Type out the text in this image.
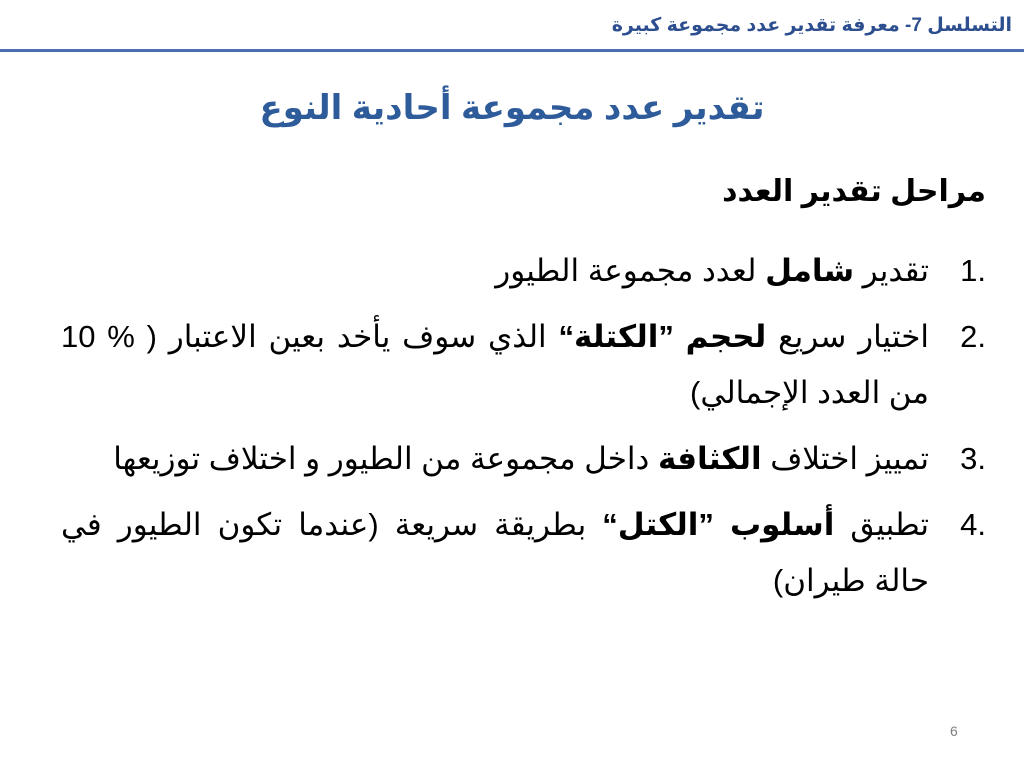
التسلسل 7- معرفة تقدير عدد مجموعة كبيرة
تقدير عدد مجموعة أحادية النوع
مراحل تقدير العدد
1.
تقدير شامل لعدد مجموعة الطيور
2.
اختيار سريع لحجم ”الكتلة“ الذي سوف يأخد بعين الاعتبار ( % 10 من العدد الإجمالي)
3.
تمييز اختلاف الكثافة داخل مجموعة من الطيور و اختلاف توزيعها
4.
تطبيق أسلوب ”الكتل“ بطريقة سريعة (عندما تكون الطيور في حالة طيران)
6
